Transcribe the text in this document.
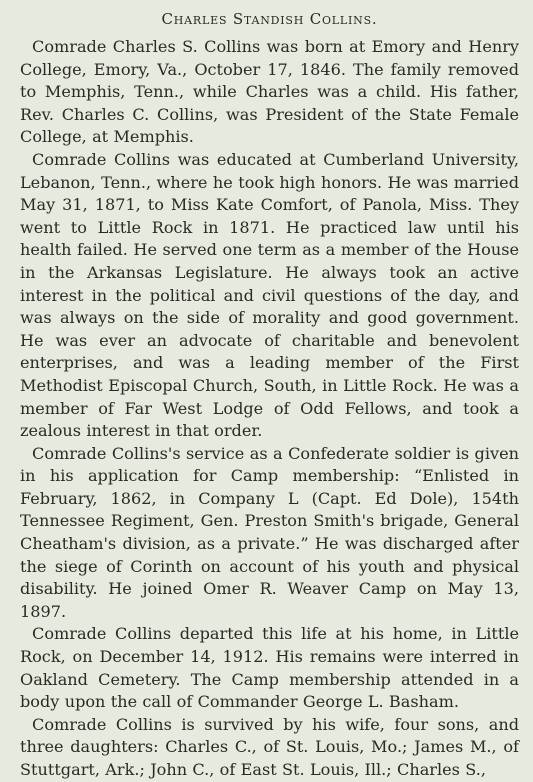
Charles Standish Collins.

Comrade Charles S. Collins was born at Emory and Henry College, Emory, Va., October 17, 1846. The family removed to Memphis, Tenn., while Charles was a child. His father, Rev. Charles C. Collins, was President of the State Female College, at Memphis.

Comrade Collins was educated at Cumberland University, Lebanon, Tenn., where he took high honors. He was married May 31, 1871, to Miss Kate Comfort, of Panola, Miss. They went to Little Rock in 1871. He practiced law until his health failed. He served one term as a member of the House in the Arkansas Legislature. He always took an active interest in the political and civil questions of the day, and was always on the side of morality and good government. He was ever an advocate of charitable and benevolent enterprises, and was a leading member of the First Methodist Episcopal Church, South, in Little Rock. He was a member of Far West Lodge of Odd Fellows, and took a zealous interest in that order.

Comrade Collins's service as a Confederate soldier is given in his application for Camp membership: “Enlisted in February, 1862, in Company L (Capt. Ed Dole), 154th Tennessee Regiment, Gen. Preston Smith's brigade, General Cheatham's division, as a private.” He was discharged after the siege of Corinth on account of his youth and physical disability. He joined Omer R. Weaver Camp on May 13, 1897.

Comrade Collins departed this life at his home, in Little Rock, on December 14, 1912. His remains were interred in Oakland Cemetery. The Camp membership attended in a body upon the call of Commander George L. Basham.

Comrade Collins is survived by his wife, four sons, and three daughters: Charles C., of St. Louis, Mo.; James M., of Stuttgart, Ark.; John C., of East St. Louis, Ill.; Charles S.,
